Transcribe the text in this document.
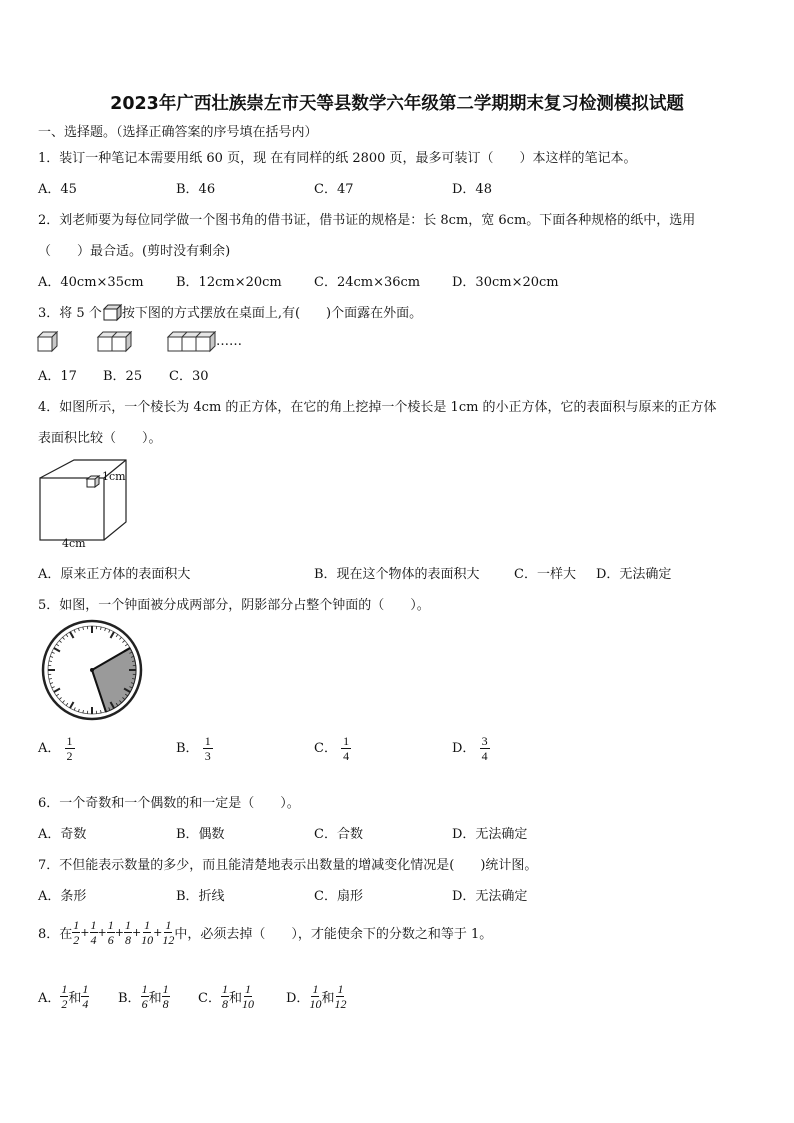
2023年广西壮族崇左市天等县数学六年级第二学期期末复习检测模拟试题
一、选择题。（选择正确答案的序号填在括号内）
1．装订一种笔记本需要用纸 60 页，现 在有同样的纸 2800 页，最多可装订（　　）本这样的笔记本。
A．45	B．46	C．47	D．48
2．刘老师要为每位同学做一个图书角的借书证，借书证的规格是：长 8cm，宽 6cm。下面各种规格的纸中，选用
（　　）最合适。(剪时没有剩余)
A．40cm×35cm B．12cm×20cm C．24cm×36cm D．30cm×20cm
3．将 5 个 按下图的方式摆放在桌面上,有(　　)个面露在外面。
……
A．17 B．25 C．30
4．如图所示，一个棱长为 4cm 的正方体，在它的角上挖掉一个棱长是 1cm 的小正方体，它的表面积与原来的正方体
表面积比较（　　）。
1cm
4cm
A．原来正方体的表面积大	B．现在这个物体的表面积大	C．一样大 D．无法确定
5．如图，一个钟面被分成两部分，阴影部分占整个钟面的（　　）。
A． $\frac{1}{2}$	B． $\frac{1}{3}$	C． $\frac{1}{4}$	D． $\frac{3}{4}$
6．一个奇数和一个偶数的和一定是（　　）。
A．奇数	B．偶数	C．合数	D．无法确定
7．不但能表示数量的多少，而且能清楚地表示出数量的增减变化情况是(　　)统计图。
A．条形	B．折线	C．扇形	D．无法确定
8．在 $\frac{1}{2} + \frac{1}{4} + \frac{1}{6} + \frac{1}{8} + \frac{1}{10} + \frac{1}{12}$ 中，必须去掉（　　），才能使余下的分数之和等于 1。
A． $\frac{1}{2}$ 和 $\frac{1}{4}$ B． $\frac{1}{6}$ 和 $\frac{1}{8}$ C． $\frac{1}{8}$ 和 $\frac{1}{10}$ D． $\frac{1}{10}$ 和 $\frac{1}{12}$
